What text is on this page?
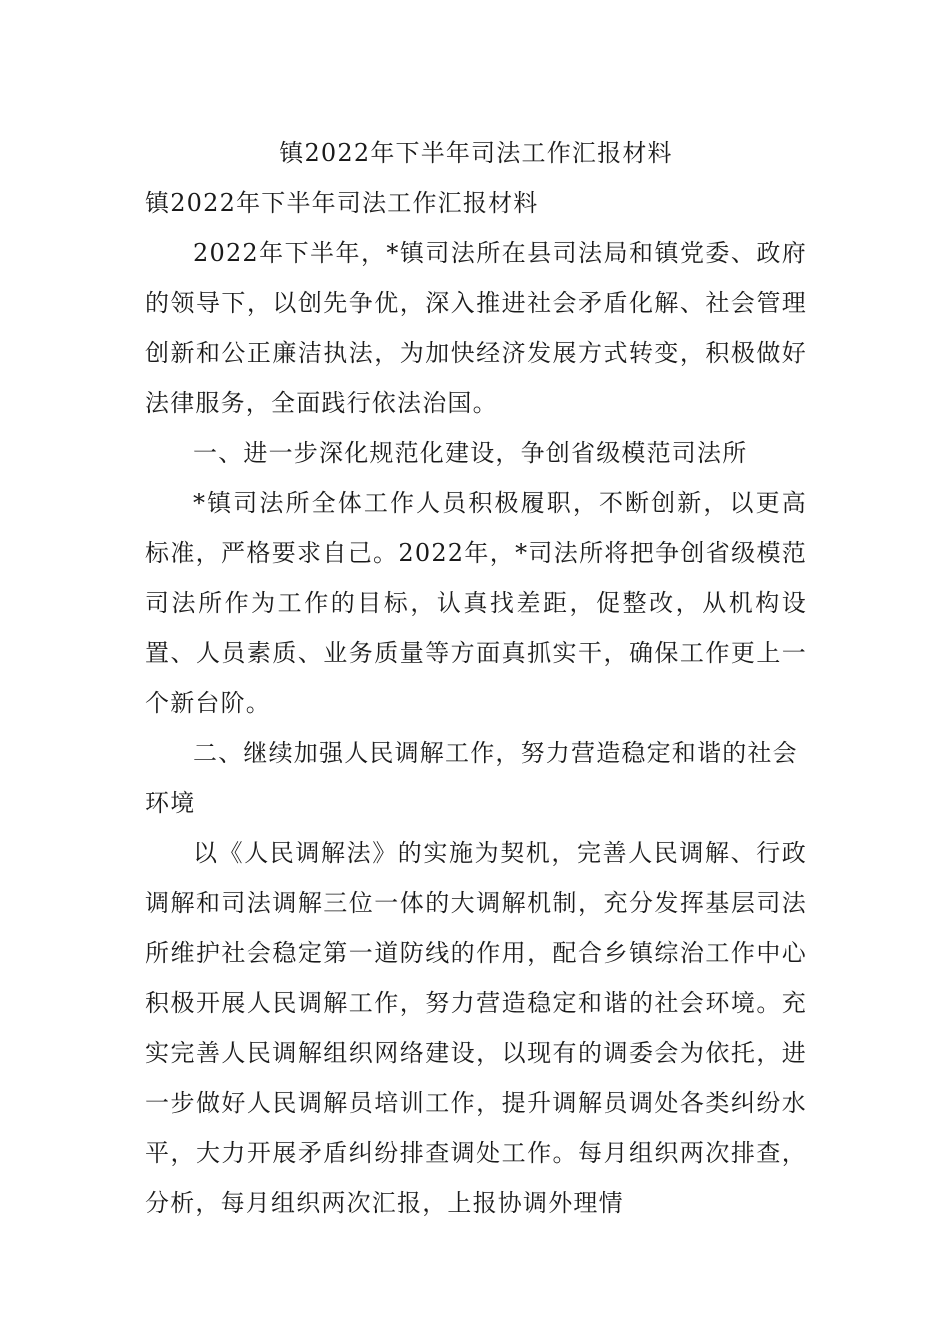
镇2022年下半年司法工作汇报材料
镇2022年下半年司法工作汇报材料

2022年下半年，*镇司法所在县司法局和镇党委、政府的领导下，以创先争优，深入推进社会矛盾化解、社会管理创新和公正廉洁执法，为加快经济发展方式转变，积极做好法律服务，全面践行依法治国。

一、进一步深化规范化建设，争创省级模范司法所

*镇司法所全体工作人员积极履职，不断创新，以更高标准，严格要求自己。2022年，*司法所将把争创省级模范司法所作为工作的目标，认真找差距，促整改，从机构设置、人员素质、业务质量等方面真抓实干，确保工作更上一个新台阶。

二、继续加强人民调解工作，努力营造稳定和谐的社会环境

以《人民调解法》的实施为契机，完善人民调解、行政调解和司法调解三位一体的大调解机制，充分发挥基层司法所维护社会稳定第一道防线的作用，配合乡镇综治工作中心积极开展人民调解工作，努力营造稳定和谐的社会环境。充实完善人民调解组织网络建设，以现有的调委会为依托，进一步做好人民调解员培训工作，提升调解员调处各类纠纷水平，大力开展矛盾纠纷排查调处工作。每月组织两次排查，分析，每月组织两次汇报，上报协调外理情
